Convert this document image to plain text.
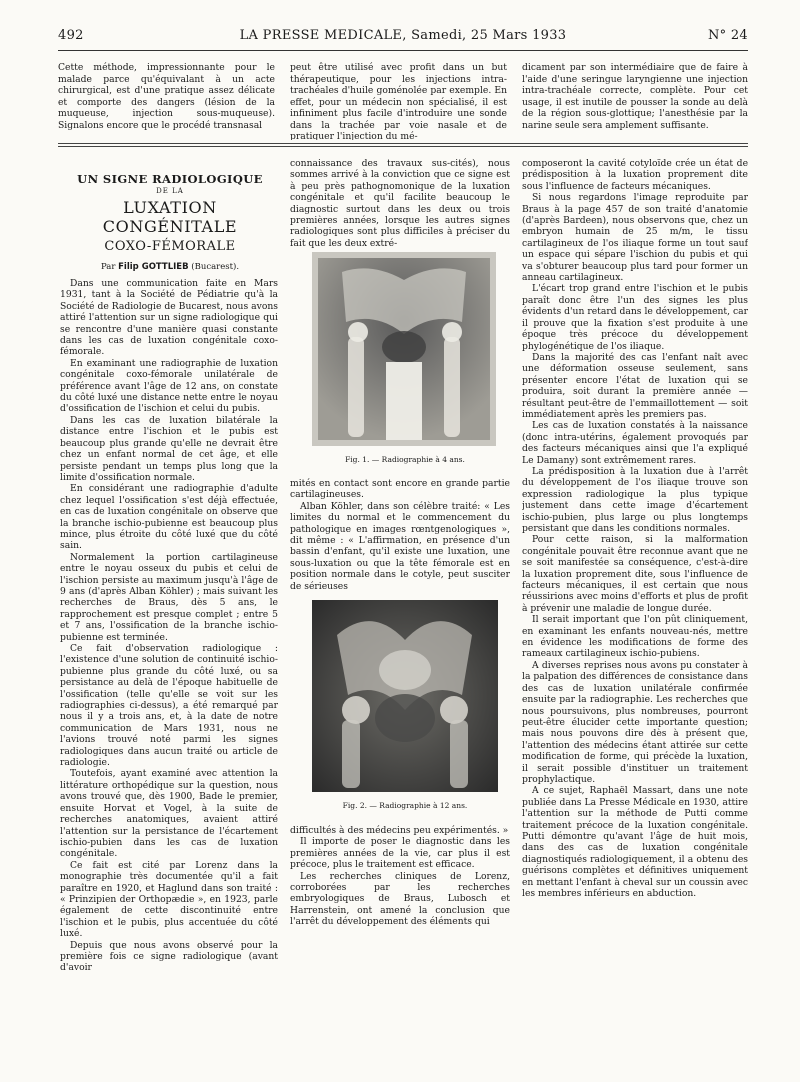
492	LA PRESSE MEDICALE, Samedi, 25 Mars 1933	N° 24

Cette méthode, impressionnante pour le malade parce qu'équivalant à un acte chirurgical, est d'une pratique assez délicate et comporte des dangers (lésion de la muqueuse, injection sous-muqueuse). Signalons encore que le procédé transnasal

peut être utilisé avec profit dans un but thérapeutique, pour les injections intra-trachéales d'huile goménolée par exemple. En effet, pour un médecin non spécialisé, il est infiniment plus facile d'introduire une sonde dans la trachée par voie nasale et de pratiquer l'injection du mé-

dicament par son intermédiaire que de faire à l'aide d'une seringue laryngienne une injection intra-trachéale correcte, complète. Pour cet usage, il est inutile de pousser la sonde au delà de la région sous-glottique; l'anesthésie par la narine seule sera amplement suffisante.

UN SIGNE RADIOLOGIQUE
DE LA
LUXATION CONGÉNITALE
COXO-FÉMORALE
Par Filip GOTTLIEB (Bucarest).

Dans une communication faite en Mars 1931, tant à la Société de Pédiatrie qu'à la Société de Radiologie de Bucarest, nous avons attiré l'attention sur un signe radiologique qui se rencontre d'une manière quasi constante dans les cas de luxation congénitale coxo-fémorale.

En examinant une radiographie de luxation congénitale coxo-fémorale unilatérale de préférence avant l'âge de 12 ans, on constate du côté luxé une distance nette entre le noyau d'ossification de l'ischion et celui du pubis.

Dans les cas de luxation bilatérale la distance entre l'ischion et le pubis est beaucoup plus grande qu'elle ne devrait être chez un enfant normal de cet âge, et elle persiste pendant un temps plus long que la limite d'ossification normale.

En considérant une radiographie d'adulte chez lequel l'ossification s'est déjà effectuée, en cas de luxation congénitale on observe que la branche ischio-pubienne est beaucoup plus mince, plus étroite du côté luxé que du côté sain.

Normalement la portion cartilagineuse entre le noyau osseux du pubis et celui de l'ischion persiste au maximum jusqu'à l'âge de 9 ans (d'après Alban Köhler) ; mais suivant les recherches de Braus, dès 5 ans, le rapprochement est presque complet ; entre 5 et 7 ans, l'ossification de la branche ischio-pubienne est terminée.

Ce fait d'observation radiologique : l'existence d'une solution de continuité ischio-pubienne plus grande du côté luxé, ou sa persistance au delà de l'époque habituelle de l'ossification (telle qu'elle se voit sur les radiographies ci-dessus), a été remarqué par nous il y a trois ans, et, à la date de notre communication de Mars 1931, nous ne l'avions trouvé noté parmi les signes radiologiques dans aucun traité ou article de radiologie.

Toutefois, ayant examiné avec attention la littérature orthopédique sur la question, nous avons trouvé que, dès 1900, Bade le premier, ensuite Horvat et Vogel, à la suite de recherches anatomiques, avaient attiré l'attention sur la persistance de l'écartement ischio-pubien dans les cas de luxation congénitale.

Ce fait est cité par Lorenz dans la monographie très documentée qu'il a fait paraître en 1920, et Haglund dans son traité : « Prinzipien der Orthopædie », en 1923, parle également de cette discontinuité entre l'ischion et le pubis, plus accentuée du côté luxé.

Depuis que nous avons observé pour la première fois ce signe radiologique (avant d'avoir

connaissance des travaux sus-cités), nous sommes arrivé à la conviction que ce signe est à peu près pathognomonique de la luxation congénitale et qu'il facilite beaucoup le diagnostic surtout dans les deux ou trois premières années, lorsque les autres signes radiologiques sont plus difficiles à préciser du fait que les deux extré-

Fig. 1. — Radiographie à 4 ans.

mités en contact sont encore en grande partie cartilagineuses.

Alban Köhler, dans son célèbre traité: « Les limites du normal et le commencement du pathologique en images rœntgenologiques », dit même : « L'affirmation, en présence d'un bassin d'enfant, qu'il existe une luxation, une sous-luxation ou que la tête fémorale est en position normale dans le cotyle, peut susciter de sérieuses

Fig. 2. — Radiographie à 12 ans.

difficultés à des médecins peu expérimentés. »

Il importe de poser le diagnostic dans les premières années de la vie, car plus il est précoce, plus le traitement est efficace.

Les recherches cliniques de Lorenz, corroborées par les recherches embryologiques de Braus, Lubosch et Harrenstein, ont amené la conclusion que l'arrêt du développement des éléments qui

composeront la cavité cotyloïde crée un état de prédisposition à la luxation proprement dite sous l'influence de facteurs mécaniques.

Si nous regardons l'image reproduite par Braus à la page 457 de son traité d'anatomie (d'après Bardeen), nous observons que, chez un embryon humain de 25 m/m, le tissu cartilagineux de l'os iliaque forme un tout sauf un espace qui sépare l'ischion du pubis et qui va s'obturer beaucoup plus tard pour former un anneau cartilagineux.

L'écart trop grand entre l'ischion et le pubis paraît donc être l'un des signes les plus évidents d'un retard dans le développement, car il prouve que la fixation s'est produite à une époque très précoce du développement phylogénétique de l'os iliaque.

Dans la majorité des cas l'enfant naît avec une déformation osseuse seulement, sans présenter encore l'état de luxation qui se produira, soit durant la première année — résultant peut-être de l'emmaillottement — soit immédiatement après les premiers pas.

Les cas de luxation constatés à la naissance (donc intra-utérins, également provoqués par des facteurs mécaniques ainsi que l'a expliqué Le Damany) sont extrêmement rares.

La prédisposition à la luxation due à l'arrêt du développement de l'os iliaque trouve son expression radiologique la plus typique justement dans cette image d'écartement ischio-pubien, plus large ou plus longtemps persistant que dans les conditions normales.

Pour cette raison, si la malformation congénitale pouvait être reconnue avant que ne se soit manifestée sa conséquence, c'est-à-dire la luxation proprement dite, sous l'influence de facteurs mécaniques, il est certain que nous réussirions avec moins d'efforts et plus de profit à prévenir une maladie de longue durée.

Il serait important que l'on pût cliniquement, en examinant les enfants nouveau-nés, mettre en évidence les modifications de forme des rameaux cartilagineux ischio-pubiens.

A diverses reprises nous avons pu constater à la palpation des différences de consistance dans des cas de luxation unilatérale confirmée ensuite par la radiographie. Les recherches que nous poursuivons, plus nombreuses, pourront peut-être élucider cette importante question; mais nous pouvons dire dès à présent que, l'attention des médecins étant attirée sur cette modification de forme, qui précède la luxation, il serait possible d'instituer un traitement prophylactique.

A ce sujet, Raphaël Massart, dans une note publiée dans La Presse Médicale en 1930, attire l'attention sur la méthode de Putti comme traitement précoce de la luxation congénitale. Putti démontre qu'avant l'âge de huit mois, dans des cas de luxation congénitale diagnostiqués radiologiquement, il a obtenu des guérisons complètes et définitives uniquement en mettant l'enfant à cheval sur un coussin avec les membres inférieurs en abduction.
